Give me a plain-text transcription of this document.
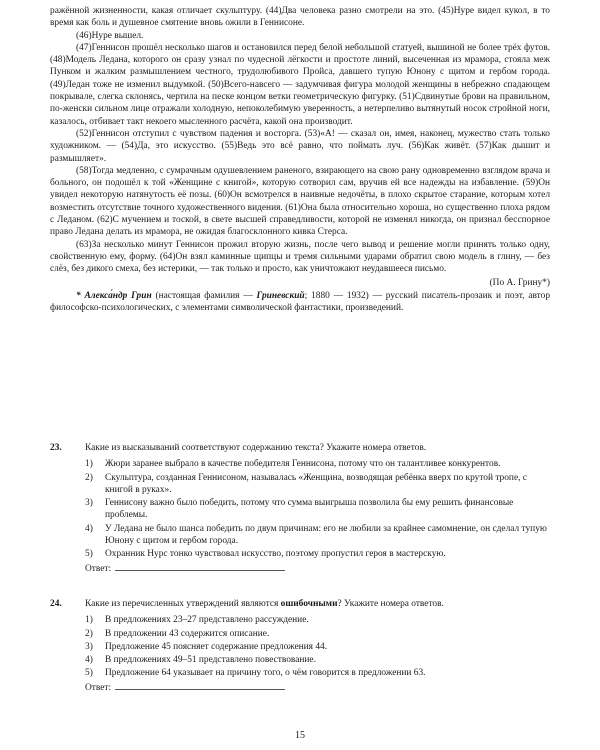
ражённой жизненности, какая отличает скульптуру. (44)Два человека разно смотрели на это. (45)Нуре видел кукол, в то время как боль и душевное смятение вновь ожили в Геннисоне.

(46)Нуре вышел.

(47)Геннисон прошёл несколько шагов и остановился перед белой небольшой статуей, вышиной не более трёх футов. (48)Модель Ледана, которого он сразу узнал по чудесной лёгкости и простоте линий, высеченная из мрамора, стояла меж Пунком и жалким размышлением честного, трудолюбивого Пройса, давшего тупую Юнону с щитом и гербом города. (49)Ледан тоже не изменил выдумкой. (50)Всего-навсего — задумчивая фигура молодой женщины в небрежно спадающем покрывале, слегка склонясь, чертила на песке концом ветки геометрическую фигурку. (51)Сдвинутые брови на правильном, по-женски сильном лице отражали холодную, непоколебимую уверенность, а нетерпеливо вытянутый носок стройной ноги, казалось, отбивает такт некоего мысленного расчёта, какой она производит.

(52)Геннисон отступил с чувством падения и восторга. (53)«А! — сказал он, имея, наконец, мужество стать только художником. — (54)Да, это искусство. (55)Ведь это всё равно, что поймать луч. (56)Как живёт. (57)Как дышит и размышляет».

(58)Тогда медленно, с сумрачным одушевлением раненого, взирающего на свою рану одновременно взглядом врача и больного, он подошёл к той «Женщине с книгой», которую сотворил сам, вручив ей все надежды на избавление. (59)Он увидел некоторую натянутость её позы. (60)Он всмотрелся в наивные недочёты, в плохо скрытое старание, которым хотел возместить отсутствие точного художественного видения. (61)Она была относительно хороша, но существенно плоха рядом с Леданом. (62)С мучением и тоской, в свете высшей справедливости, которой не изменял никогда, он признал бесспорное право Ледана делать из мрамора, не ожидая благосклонного кивка Стерса.

(63)За несколько минут Геннисон прожил вторую жизнь, после чего вывод и решение могли принять только одну, свойственную ему, форму. (64)Он взял каминные щипцы и тремя сильными ударами обратил свою модель в глину, — без слёз, без дикого смеха, без истерики, — так только и просто, как уничтожают неудавшееся письмо.

(По А. Грину*)

* Алекса́ндр Грин (настоящая фамилия — Гриневский; 1880 — 1932) — русский писатель-прозаик и поэт, автор философско-психологических, с элементами символической фантастики, произведений.

23. Какие из высказываний соответствуют содержанию текста? Укажите номера ответов.
1) Жюри заранее выбрало в качестве победителя Геннисона, потому что он талантливее конкурентов.
2) Скульптура, созданная Геннисоном, называлась «Женщина, возводящая ребёнка вверх по крутой тропе, с книгой в руках».
3) Геннисону важно было победить, потому что сумма выигрыша позволила бы ему решить финансовые проблемы.
4) У Ледана не было шанса победить по двум причинам: его не любили за крайнее самомнение, он сделал тупую Юнону с щитом и гербом города.
5) Охранник Нурс тонко чувствовал искусство, поэтому пропустил героя в мастерскую.
Ответ:
24. Какие из перечисленных утверждений являются ошибочными? Укажите номера ответов.
1) В предложениях 23–27 представлено рассуждение.
2) В предложении 43 содержится описание.
3) Предложение 45 поясняет содержание предложения 44.
4) В предложениях 49–51 представлено повествование.
5) Предложение 64 указывает на причину того, о чём говорится в предложении 63.
Ответ:
15
